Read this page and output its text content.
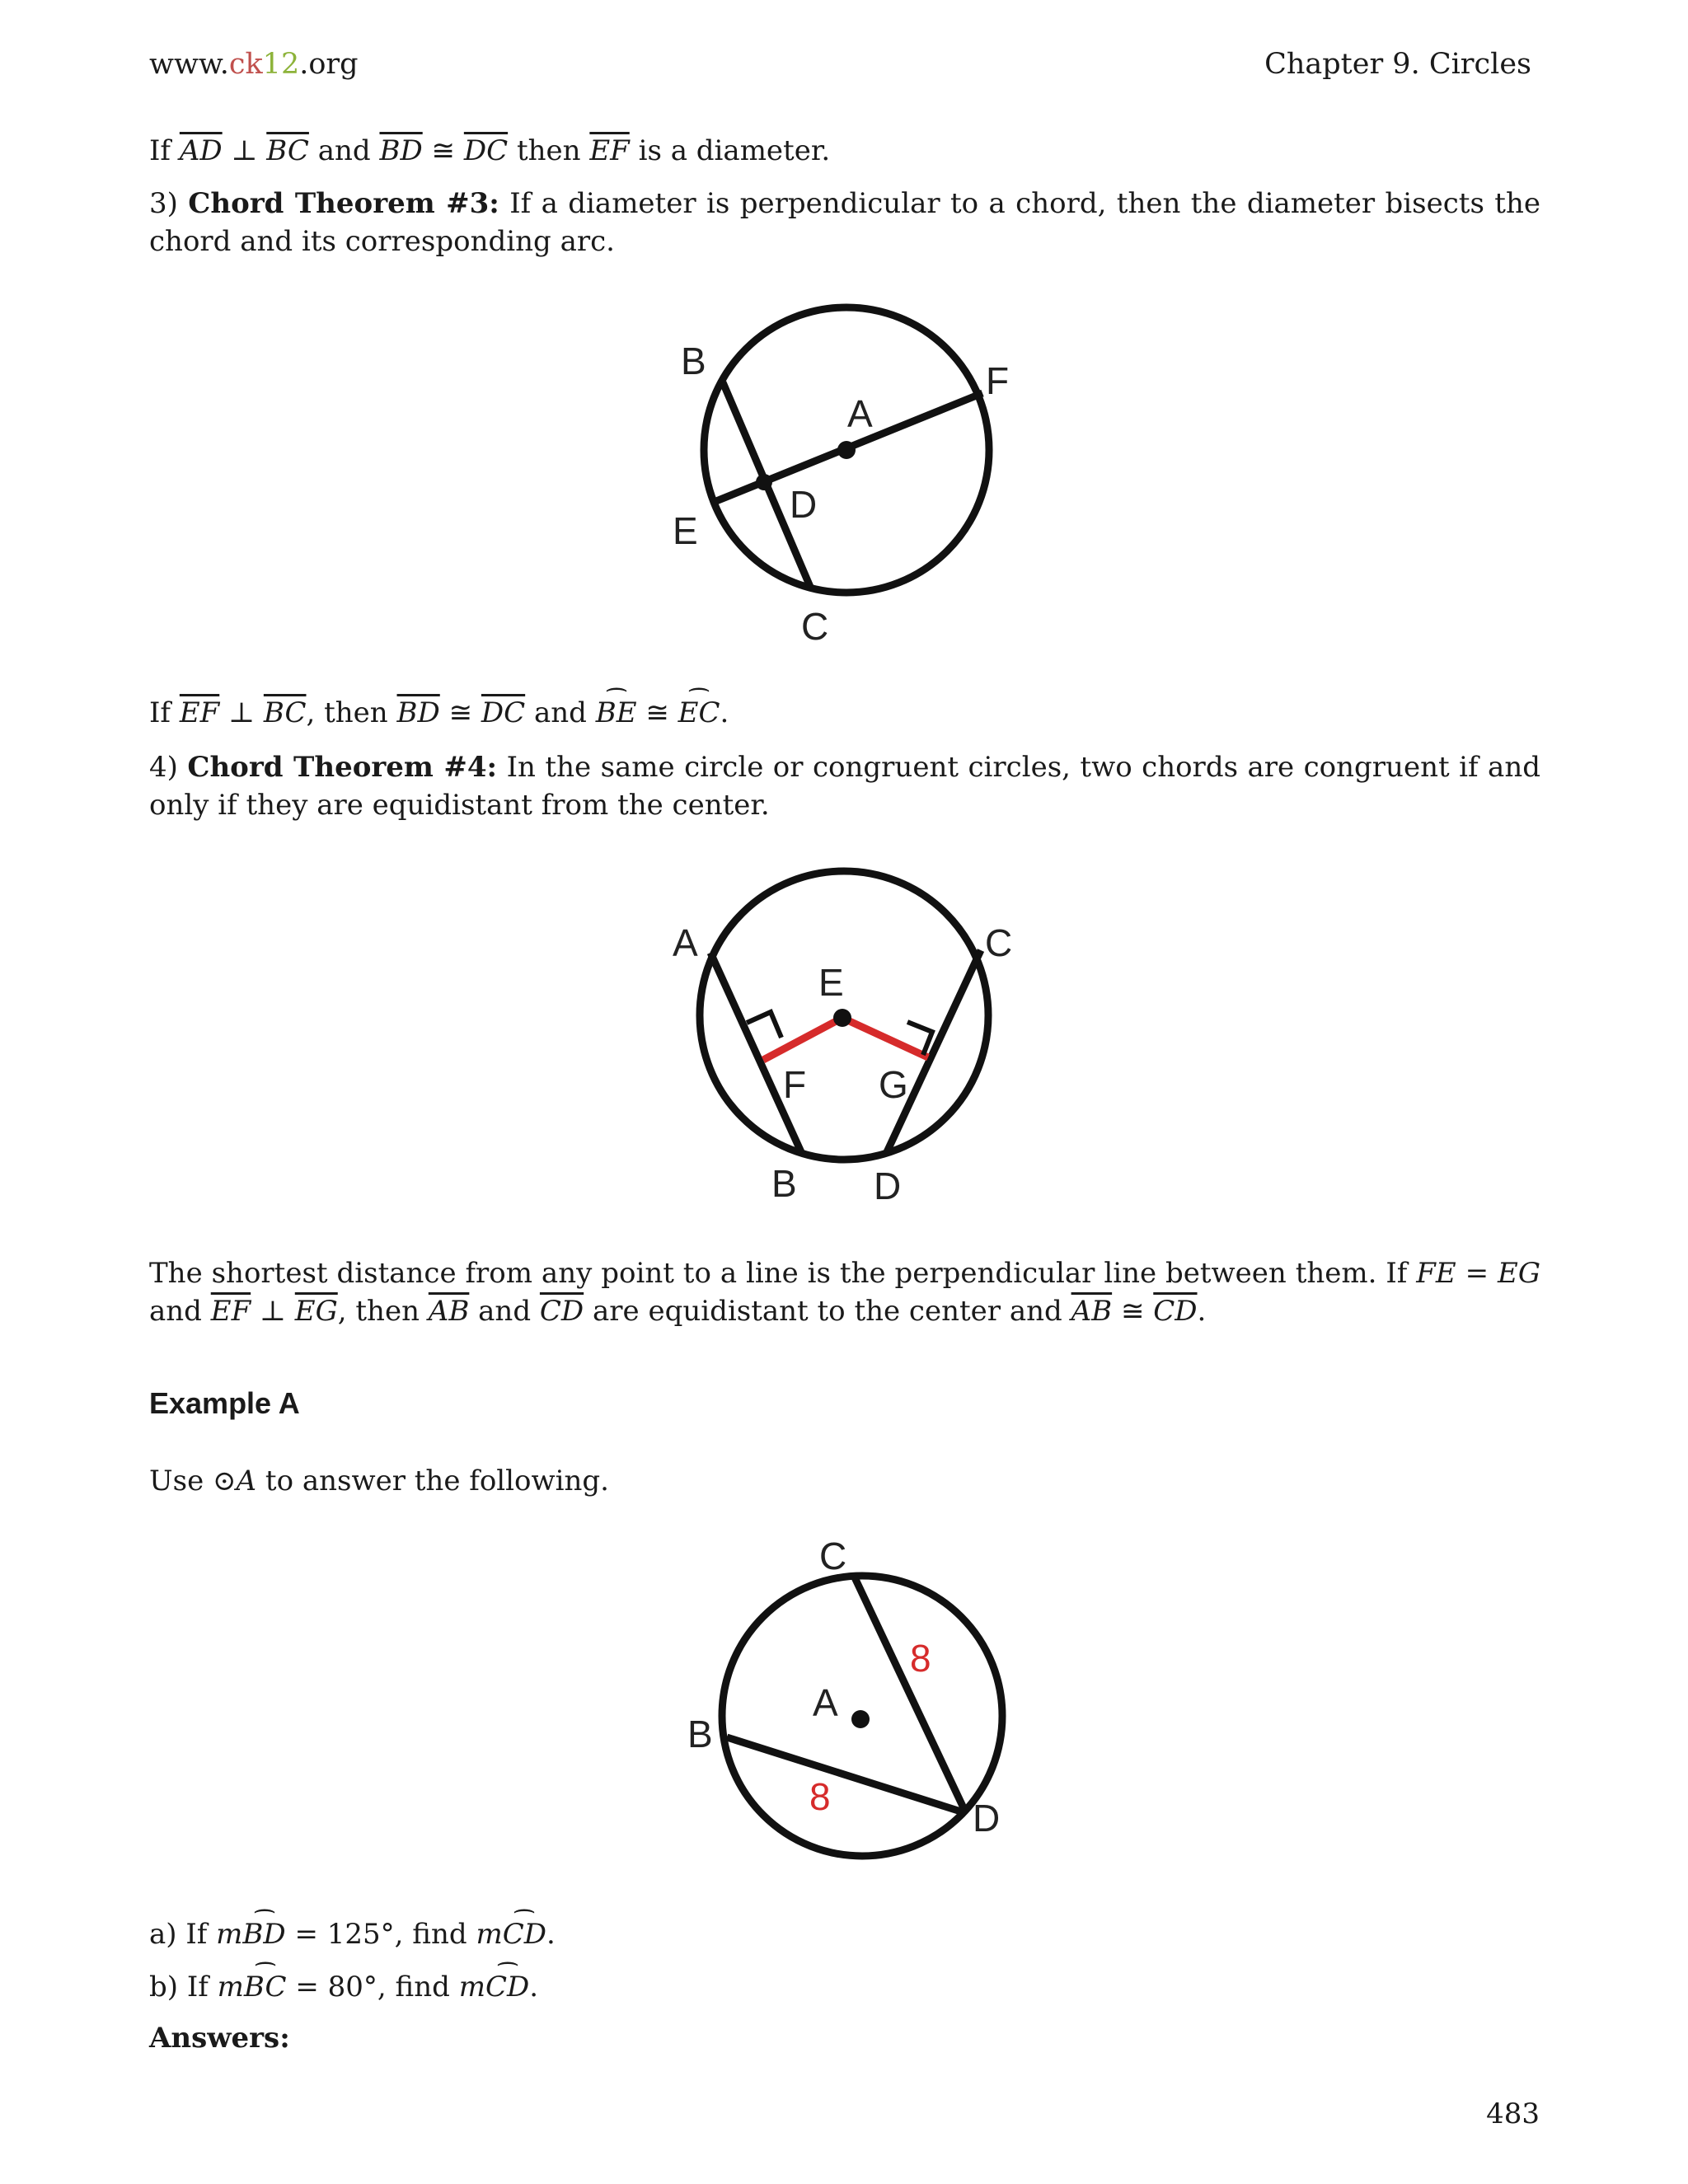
www.ck12.org	Chapter 9. Circles
If $\overline{AD}$ ⊥ $\overline{BC}$ and $\overline{BD}$ ≅ $\overline{DC}$ then $\overline{EF}$ is a diameter.
3) Chord Theorem #3: If a diameter is perpendicular to a chord, then the diameter bisects the chord and its corresponding arc.
B	F
A
D
E
C
If $\overline{EF}$ ⊥ $\overline{BC}$, then $\overline{BD}$ ≅ $\overline{DC}$ and ⌢ BE ≅ ⌢ EC.
4) Chord Theorem #4: In the same circle or congruent circles, two chords are congruent if and only if they are equidistant from the center.
A	C
E
F G
B D
The shortest distance from any point to a line is the perpendicular line between them. If FE = EG and $\overline{EF}$ ⊥ $\overline{EG}$, then $\overline{AB}$ and $\overline{CD}$ are equidistant to the center and $\overline{AB}$ ≅ $\overline{CD}$.
Example A
Use ⊙A to answer the following.
C
A
B
D
8
8
a) If m⌢ BD = 125°, find m⌢ CD.
b) If m⌢ BC = 80°, find m⌢ CD.
Answers:
483
